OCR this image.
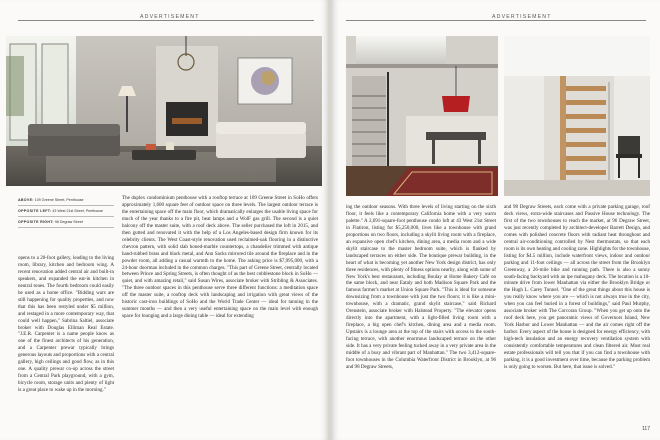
ADVERTISEMENT
ABOVE: 109 Greene Street, Penthouse
OPPOSITE LEFT: 43 West 21st Street, Penthouse
OPPOSITE RIGHT: 98 Degraw Street

opens to a 20-foot gallery, leading to the living room, library, kitchen and bedroom wing. A recent renovation added central air and built-in speakers, and expanded the eat-in kitchen in neutral tones. The fourth bedroom could easily be used as a home office. "Bidding wars are still happening for quality properties, and now that this has been restyled under $5 million, and restaged in a more contemporary way, that could well happen," Sabrina Saltiel, associate broker with Douglas Elliman Real Estate. "J.E.R. Carpenter is a name people know as one of the finest architects of his generation, and a Carpenter prewar typically brings generous layouts and proportions with a central gallery, high ceilings and good flow, as in this one. A quality prewar co-op across the street from a Central Park playground, with a gym, bicycle room, storage units and plenty of light is a great place to wake up in the morning."

The duplex condominium penthouse with a rooftop terrace at 109 Greene Street in SoHo offers approximately 1,600 square feet of outdoor space on three levels. The largest outdoor terrace is the entertaining space off the main floor, which dramatically enlarges the usable living space for much of the year thanks to a fire pit, heat lamps and a WolF gas grill. The second is a quiet balcony off the master suite, with a roof deck above. The seller purchased the loft in 2015, and then gutted and renovated it with the help of a Los Angeles-based design firm known for its celebrity clients. The West Coast-style renovation used reclaimed-oak flooring in a distinctive chevron pattern, with solid slab honed-marble countertops, a chandelier trimmed with antique hand-rubbed brass and black metal, and Ann Sacks mirrored tile around the fireplace and in the powder room, all adding a casual warmth to the home. The asking price is $7,995,000, with a 24-hour doorman included in the common charges. "This part of Greene Street, centrally located between Prince and Spring Streets, is often thought of as the best cobblestone block in SoHo — quiet, and with amazing retail," said Susan Wires, associate broker with Stribling & Associates. "The three outdoor spaces in this penthouse serve three different functions: a meditation space off the master suite, a rooftop deck with landscaping and irrigation with great views of the historic cast-iron buildings of SoHo and the World Trade Center — ideal for tanning in the summer months — and then a very useful entertaining space on the main level with enough space for lounging and a large dining table — ideal for extending

ADVERTISEMENT

ing the outdoor seasons. With three levels of living starting on the sixth floor, it feels like a contemporary California home with a very warm palette." A 2,691-square-foot penthouse condo loft at 43 West 21st Street in Flatiron, listing for $5,250,000, lives like a townhouse with grand proportions on two floors, including a skylit living room with a fireplace, an expansive open chef's kitchen, dining area, a media room and a wide skylit staircase to the master bedroom suite, which is flanked by landscaped terraces on either side. The boutique prewar building, in the heart of what is becoming yet another New York design district, has only three residences, with plenty of fitness options nearby, along with some of New York's best restaurants, including Boulay at Home Bakery Café on the same block, and near Eataly and both Madison Square Park and the famous farmer's market at Union Square Park. "This is ideal for someone downsizing from a townhouse with just the two floors; it is like a mini-townhouse, with a dramatic, grand skylit staircase," said Richard Orenstein, associate broker with Halstead Property. "The elevator opens directly into the apartment, with a light-filled living room with a fireplace, a big open chef's kitchen, dining area and a media room. Upstairs is a lounge area at the top of the stairs with access to the south-facing terrace, with another enormous landscaped terrace on the other side. It has a very private feeling tucked away in a very private area in the middle of a busy and vibrant part of Manhattan." The two 3,412-square-foot townhouses in the Columbia Waterfront District in Brooklyn, at 96 and 98 Degraw Streets,

and 98 Degraw Streets, each come with a private parking garage, roof deck views, extra-wide staircases and Passive House technology. The first of the two townhouses to reach the market, at 96 Degraw Street, was just recently completed by architect-developer Barrett Design, and comes with polished concrete floors with radiant heat throughout and central air-conditioning controlled by Nest thermostats, so that each room is its own heating and cooling zone. Highlights for the townhouse, listing for $4.5 million, include waterfront views, indoor and outdoor parking and 11-foot ceilings — all across the street from the Brooklyn Greenway, a 26-mile bike and running path. There is also a sunny south-facing backyard with an ipe mahogany deck. The location is a 10-minute drive from lower Manhattan via either the Brooklyn Bridge or the Hugh L. Carey Tunnel. "One of the great things about this house is you really know where you are — which is not always true in the city, when you can feel buried in a forest of buildings," said Paul Murphy, associate broker with The Corcoran Group. "When you get up onto the roof deck here, you get panoramic views of Governors Island, New York Harbor and Lower Manhattan — and the air comes right off the harbor. Every aspect of the house is designed for energy efficiency, with high-tech insulation and an energy recovery ventilation system with consistently comfortable temperatures and clean filtered air. Most real estate professionals will tell you that if you can find a townhouse with parking, it is a good investment over time, because the parking problem is only going to worsen. But here, that issue is solved."

117
